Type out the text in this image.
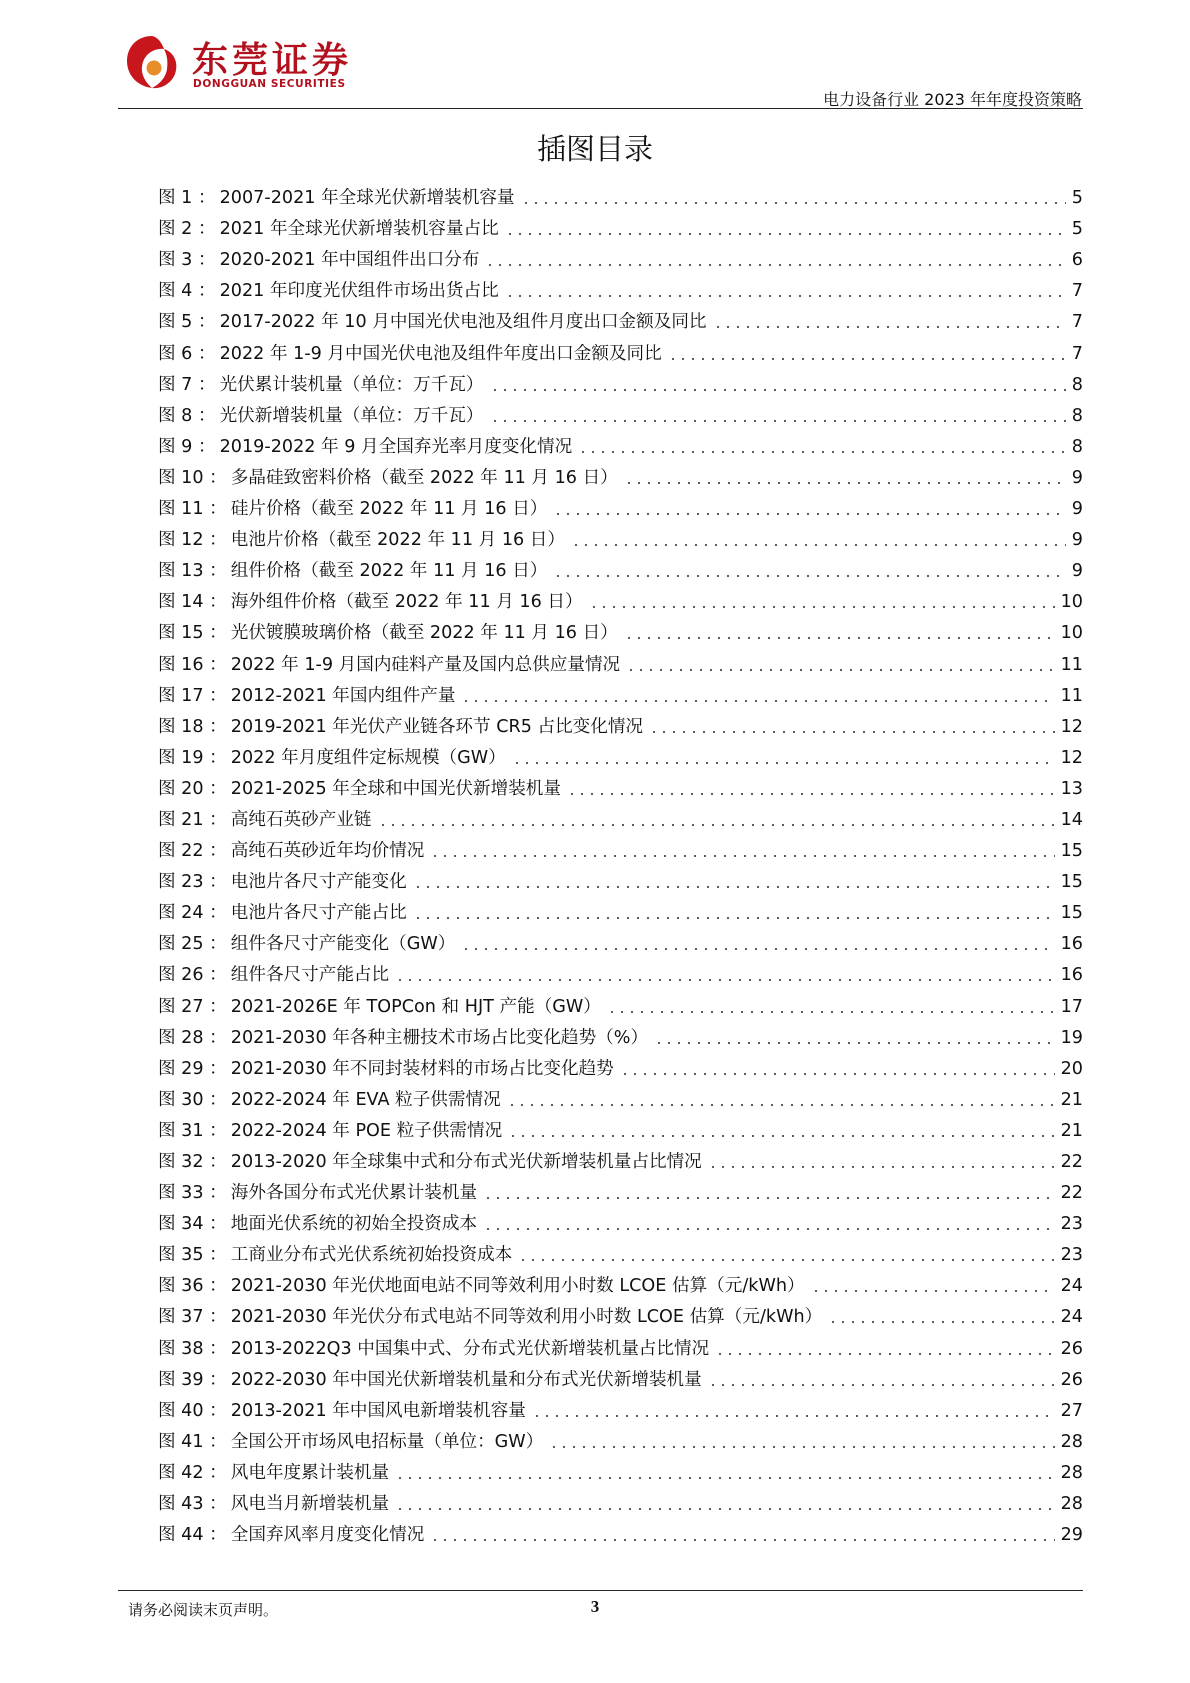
东莞证券
DONGGUAN SECURITIES
电力设备行业 2023 年年度投资策略
插图目录
图 1 ： 2007-2021 年全球光伏新增装机容量	5
图 2 ： 2021 年全球光伏新增装机容量占比	5
图 3 ： 2020-2021 年中国组件出口分布	6
图 4 ： 2021 年印度光伏组件市场出货占比	7
图 5 ： 2017-2022 年 10 月中国光伏电池及组件月度出口金额及同比	7
图 6 ： 2022 年 1-9 月中国光伏电池及组件年度出口金额及同比	7
图 7 ： 光伏累计装机量（单位：万千瓦）	8
图 8 ： 光伏新增装机量（单位：万千瓦）	8
图 9 ： 2019-2022 年 9 月全国弃光率月度变化情况	8
图 10 ： 多晶硅致密料价格（截至 2022 年 11 月 16 日）	9
图 11 ： 硅片价格（截至 2022 年 11 月 16 日）	9
图 12 ： 电池片价格（截至 2022 年 11 月 16 日）	9
图 13 ： 组件价格（截至 2022 年 11 月 16 日）	9
图 14 ： 海外组件价格（截至 2022 年 11 月 16 日）	10
图 15 ： 光伏镀膜玻璃价格（截至 2022 年 11 月 16 日）	10
图 16 ： 2022 年 1-9 月国内硅料产量及国内总供应量情况	11
图 17 ： 2012-2021 年国内组件产量	11
图 18 ： 2019-2021 年光伏产业链各环节 CR5 占比变化情况	12
图 19 ： 2022 年月度组件定标规模（GW）	12
图 20 ： 2021-2025 年全球和中国光伏新增装机量	13
图 21 ： 高纯石英砂产业链	14
图 22 ： 高纯石英砂近年均价情况	15
图 23 ： 电池片各尺寸产能变化	15
图 24 ： 电池片各尺寸产能占比	15
图 25 ： 组件各尺寸产能变化（GW）	16
图 26 ： 组件各尺寸产能占比	16
图 27 ： 2021-2026E 年 TOPCon 和 HJT 产能（GW）	17
图 28 ： 2021-2030 年各种主栅技术市场占比变化趋势（%）	19
图 29 ： 2021-2030 年不同封装材料的市场占比变化趋势	20
图 30 ： 2022-2024 年 EVA 粒子供需情况	21
图 31 ： 2022-2024 年 POE 粒子供需情况	21
图 32 ： 2013-2020 年全球集中式和分布式光伏新增装机量占比情况	22
图 33 ： 海外各国分布式光伏累计装机量	22
图 34 ： 地面光伏系统的初始全投资成本	23
图 35 ： 工商业分布式光伏系统初始投资成本	23
图 36 ： 2021-2030 年光伏地面电站不同等效利用小时数 LCOE 估算（元/kWh）	24
图 37 ： 2021-2030 年光伏分布式电站不同等效利用小时数 LCOE 估算（元/kWh）	24
图 38 ： 2013-2022Q3 中国集中式、分布式光伏新增装机量占比情况	26
图 39 ： 2022-2030 年中国光伏新增装机量和分布式光伏新增装机量	26
图 40 ： 2013-2021 年中国风电新增装机容量	27
图 41 ： 全国公开市场风电招标量（单位：GW）	28
图 42 ： 风电年度累计装机量	28
图 43 ： 风电当月新增装机量	28
图 44 ： 全国弃风率月度变化情况	29
请务必阅读末页声明。	3
